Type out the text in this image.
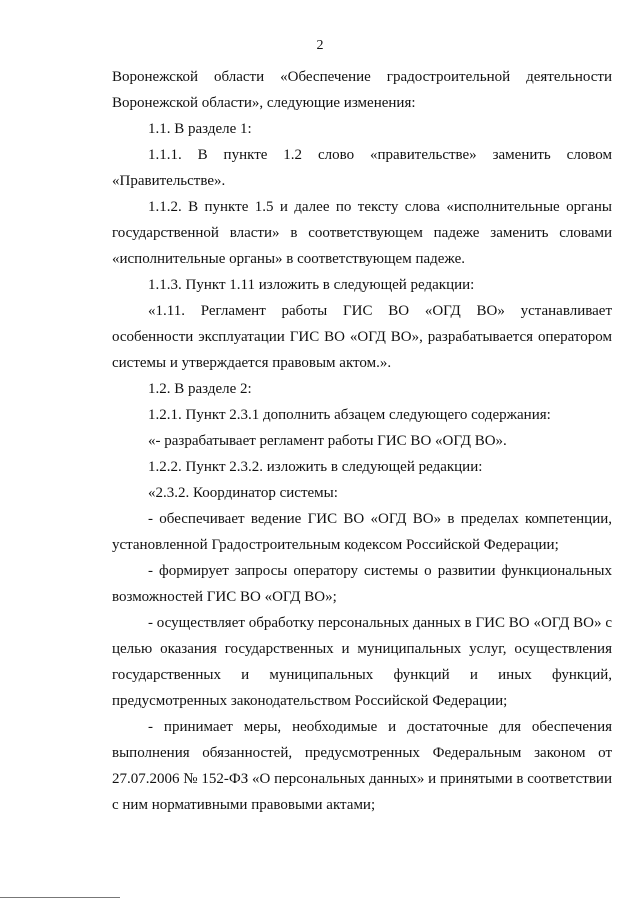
2

Воронежской области «Обеспечение градостроительной деятельности Воронежской области», следующие изменения:

1.1. В разделе 1:

1.1.1. В пункте 1.2 слово «правительстве» заменить словом «Правительстве».

1.1.2. В пункте 1.5 и далее по тексту слова «исполнительные органы государственной власти» в соответствующем падеже заменить словами «исполнительные органы» в соответствующем падеже.

1.1.3. Пункт 1.11 изложить в следующей редакции:

«1.11. Регламент работы ГИС ВО «ОГД ВО» устанавливает особенности эксплуатации ГИС ВО «ОГД ВО», разрабатывается оператором системы и утверждается правовым актом.».

1.2. В разделе 2:

1.2.1. Пункт 2.3.1 дополнить абзацем следующего содержания:

«- разрабатывает регламент работы ГИС ВО «ОГД ВО».

1.2.2. Пункт 2.3.2. изложить в следующей редакции:

«2.3.2. Координатор системы:

- обеспечивает ведение ГИС ВО «ОГД ВО» в пределах компетенции, установленной Градостроительным кодексом Российской Федерации;

- формирует запросы оператору системы о развитии функциональных возможностей ГИС ВО «ОГД ВО»;

- осуществляет обработку персональных данных в ГИС ВО «ОГД ВО» с целью оказания государственных и муниципальных услуг, осуществления государственных и муниципальных функций и иных функций, предусмотренных законодательством Российской Федерации;

- принимает меры, необходимые и достаточные для обеспечения выполнения обязанностей, предусмотренных Федеральным законом от 27.07.2006 № 152-ФЗ «О персональных данных» и принятыми в соответствии с ним нормативными правовыми актами;
